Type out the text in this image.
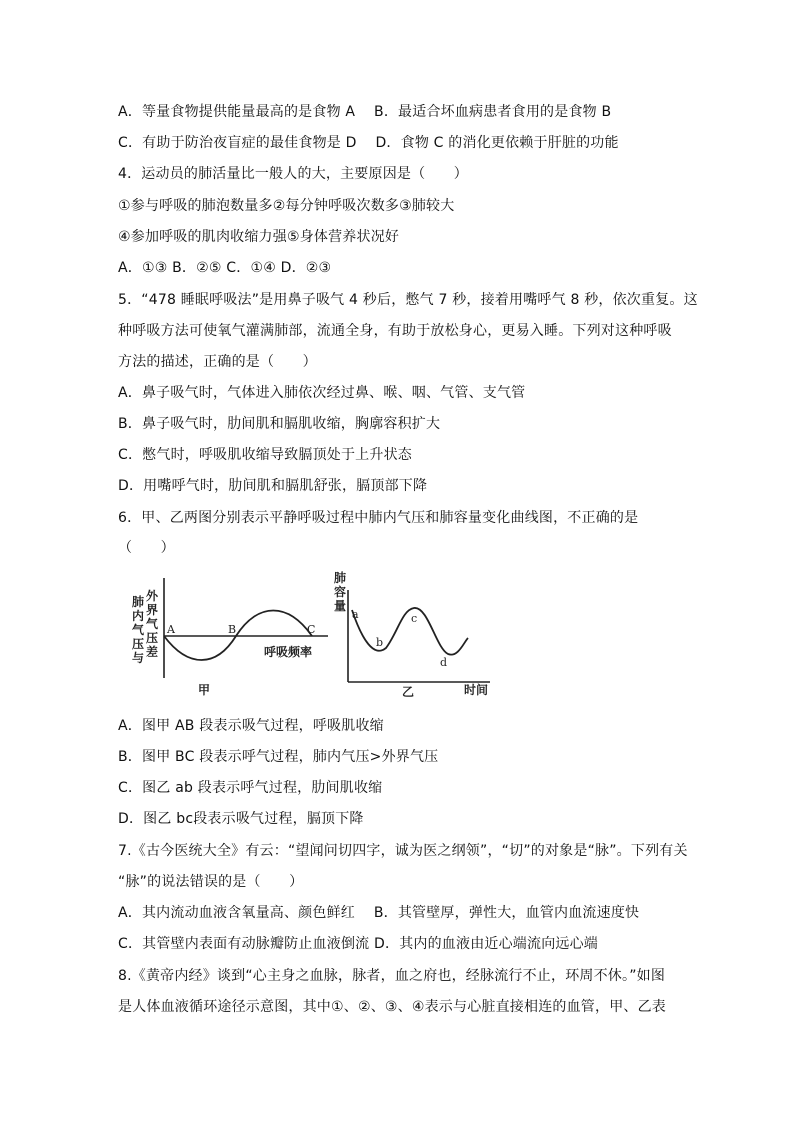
A．等量食物提供能量最高的是食物 A　 B．最适合坏血病患者食用的是食物 B
C．有助于防治夜盲症的最佳食物是 D　 D．食物 C 的消化更依赖于肝脏的功能
4．运动员的肺活量比一般人的大，主要原因是（　　）
①参与呼吸的肺泡数量多②每分钟呼吸次数多③肺较大
④参加呼吸的肌肉收缩力强⑤身体营养状况好
A．①③ B．②⑤ C．①④ D．②③
5．“478 睡眠呼吸法”是用鼻子吸气 4 秒后，憋气 7 秒，接着用嘴呼气 8 秒，依次重复。这
种呼吸方法可使氧气灌满肺部，流通全身，有助于放松身心，更易入睡。下列对这种呼吸
方法的描述，正确的是（　　）
A．鼻子吸气时，气体进入肺依次经过鼻、喉、咽、气管、支气管
B．鼻子吸气时，肋间肌和膈肌收缩，胸廓容积扩大
C．憋气时，呼吸肌收缩导致膈顶处于上升状态
D．用嘴呼气时，肋间肌和膈肌舒张，膈顶部下降
6．甲、乙两图分别表示平静呼吸过程中肺内气压和肺容量变化曲线图，不正确的是
（　　）
肺
内
气
压
与
外
界
气
压
差
A	B	C
呼吸频率
甲
肺
容
量
a
b
c
d
时间
乙
A．图甲 AB 段表示吸气过程，呼吸肌收缩
B．图甲 BC 段表示呼气过程，肺内气压>外界气压
C．图乙 ab 段表示呼气过程，肋间肌收缩
D．图乙 bc段表示吸气过程，膈顶下降
7.《古今医统大全》有云：“望闻问切四字，诚为医之纲领”，“切”的对象是“脉”。下列有关
“脉”的说法错误的是（　　）
A．其内流动血液含氧量高、颜色鲜红　 B．其管壁厚，弹性大，血管内血流速度快
C．其管壁内表面有动脉瓣防止血液倒流 D．其内的血液由近心端流向远心端
8.《黄帝内经》谈到“心主身之血脉，脉者，血之府也，经脉流行不止，环周不休。”如图
是人体血液循环途径示意图，其中①、②、③、④表示与心脏直接相连的血管，甲、乙表
